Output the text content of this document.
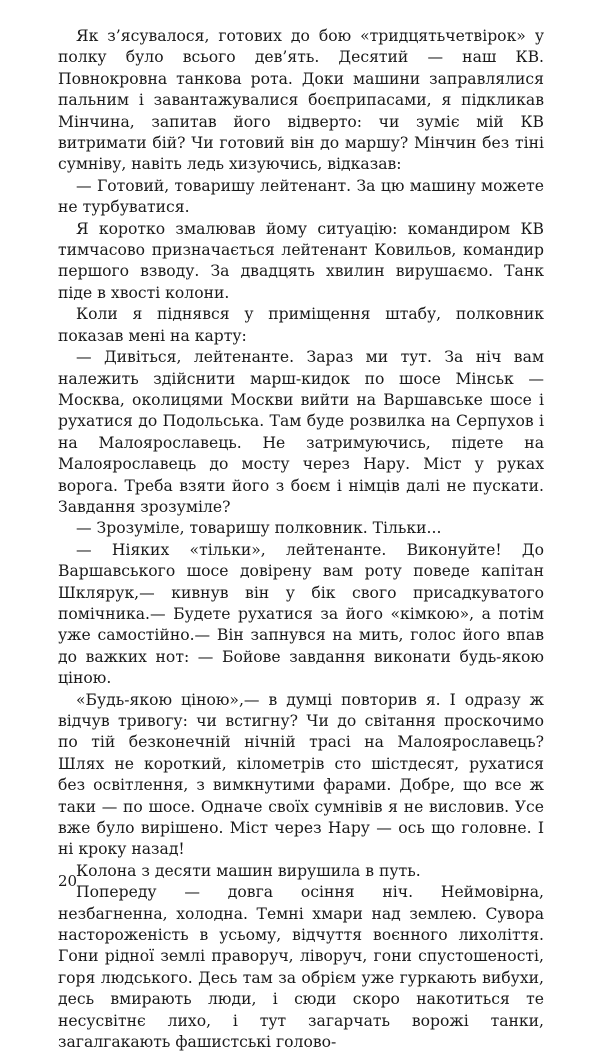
Як з’ясувалося, готових до бою «тридцятьчетвірок» у полку було всього дев’ять. Десятий — наш КВ. Повнокровна танкова рота. Доки машини заправлялися пальним і завантажувалися боєприпасами, я підкликав Мінчина, запитав його відверто: чи зуміє мій КВ витримати бій? Чи готовий він до маршу? Мінчин без тіні сумніву, навіть ледь хизуючись, відказав:

— Готовий, товаришу лейтенант. За цю машину можете не турбуватися.

Я коротко змалював йому ситуацію: командиром КВ тимчасово призначається лейтенант Ковильов, командир першого взводу. За двадцять хвилин вирушаємо. Танк піде в хвості колони.

Коли я піднявся у приміщення штабу, полковник показав мені на карту:

— Дивіться, лейтенанте. Зараз ми тут. За ніч вам належить здійснити марш-кидок по шосе Мінськ — Москва, околицями Москви вийти на Варшавське шосе і рухатися до Подольська. Там буде розвилка на Серпухов і на Малоярославець. Не затримуючись, підете на Малоярославець до мосту через Нару. Міст у руках ворога. Треба взяти його з боєм і німців далі не пускати. Завдання зрозуміле?

— Зрозуміле, товаришу полковник. Тільки...

— Ніяких «тільки», лейтенанте. Виконуйте! До Варшавського шосе довірену вам роту поведе капітан Шклярук,— кивнув він у бік свого присадкуватого помічника.— Будете рухатися за його «кімкою», а потім уже самостійно.— Він запнувся на мить, голос його впав до важких нот: — Бойове завдання виконати будь-якою ціною.

«Будь-якою ціною»,— в думці повторив я. І одразу ж відчув тривогу: чи встигну? Чи до світання проскочимо по тій безконечній нічній трасі на Малоярославець? Шлях не короткий, кілометрів сто шістдесят, рухатися без освітлення, з вимкнутими фарами. Добре, що все ж таки — по шосе. Одначе своїх сумнівів я не висловив. Усе вже було вирішено. Міст через Нару — ось що головне. І ні кроку назад!

Колона з десяти машин вирушила в путь.

Попереду — довга осіння ніч. Неймовірна, незбагненна, холодна. Темні хмари над землею. Сувора настороженість в усьому, відчуття воєнного лихоліття. Гони рідної землі праворуч, ліворуч, гони спустошеності, горя людського. Десь там за обрієм уже гуркають вибухи, десь вмирають люди, і сюди скоро накотиться те несусвітнє лихо, і тут загарчать ворожі танки, загалгакають фашистські голово-

20
